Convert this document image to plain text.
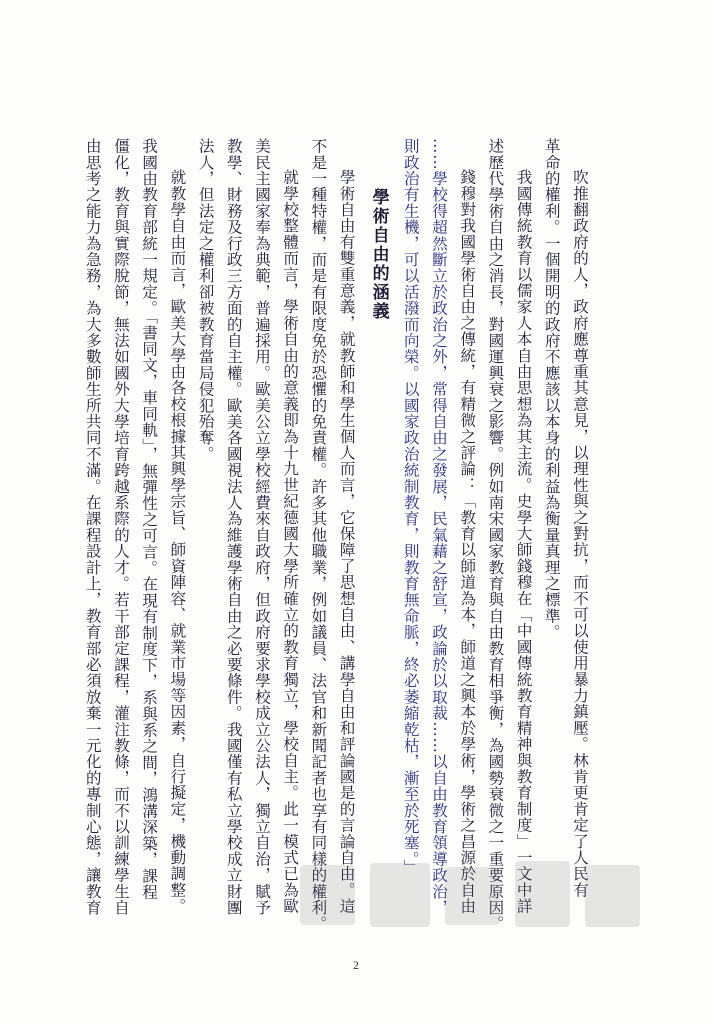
吹推翻政府的人，政府應尊重其意見，以理性與之對抗，而不可以使用暴力鎮壓。林肯更肯定了人民有

革命的權利。一個開明的政府不應該以本身的利益為衡量真理之標準。

我國傳統教育以儒家人本自由思想為其主流。史學大師錢穆在「中國傳統教育精神與教育制度」一文中詳

述歷代學術自由之消長，對國運興衰之影響。例如南宋國家教育與自由教育相爭衡，為國勢衰微之一重要原因。

錢穆對我國學術自由之傳統，有精微之評論：「教育以師道為本，師道之興本於學術，學術之昌源於自由

……學校得超然斷立於政治之外，常得自由之發展，民氣藉之舒宣，政論於以取裁……以自由教育領導政治，

則政治有生機，可以活潑而向榮。以國家政治統制教育，則教育無命脈，終必萎縮乾枯，漸至於死塞。」

學術自由的涵義

學術自由有雙重意義，就教師和學生個人而言，它保障了思想自由、講學自由和評論國是的言論自由。這

不是一種特權，而是有限度免於恐懼的免責權。許多其他職業，例如議員、法官和新聞記者也享有同樣的權利。

就學校整體而言，學術自由的意義即為十九世紀德國大學所確立的教育獨立，學校自主。此一模式已為歐

美民主國家奉為典範，普遍採用。歐美公立學校經費來自政府，但政府要求學校成立公法人，獨立自治，賦予

教學、財務及行政三方面的自主權。歐美各國視法人為維護學術自由之必要條件。我國僅有私立學校成立財團

法人，但法定之權利卻被教育當局侵犯殆奪。

就教學自由而言，歐美大學由各校根據其興學宗旨、師資陣容、就業市場等因素，自行擬定，機動調整。

我國由教育部統一規定。「書同文，車同軌」，無彈性之可言。在現有制度下，系與系之間，鴻溝深築，課程

僵化，教育與實際脫節，無法如國外大學培育跨越系際的人才。若干部定課程，灌注教條，而不以訓練學生自

由思考之能力為急務，為大多數師生所共同不滿。在課程設計上，教育部必須放棄一元化的專制心態，讓教育

2
